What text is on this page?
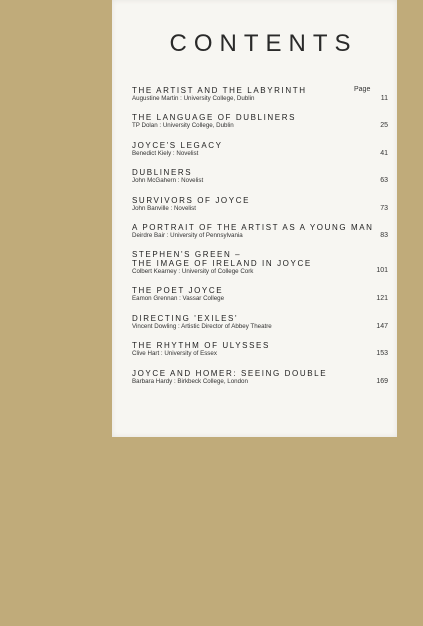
CONTENTS
Page
THE ARTIST AND THE LABYRINTH
Augustine Martin : University College, Dublin	11
THE LANGUAGE OF DUBLINERS
TP Dolan : University College, Dublin	25
JOYCE'S LEGACY
Benedict Kiely : Novelist	41
DUBLINERS
John McGahern : Novelist	63
SURVIVORS OF JOYCE
John Banville : Novelist	73
A PORTRAIT OF THE ARTIST AS A YOUNG MAN
Deirdre Bair : University of Pennsylvania	83
STEPHEN'S GREEN –
THE IMAGE OF IRELAND IN JOYCE
Colbert Kearney : University of College Cork	101
THE POET JOYCE
Eamon Grennan : Vassar College	121
DIRECTING 'EXILES'
Vincent Dowling : Artistic Director of Abbey Theatre	147
THE RHYTHM OF ULYSSES
Clive Hart : University of Essex	153
JOYCE AND HOMER: SEEING DOUBLE
Barbara Hardy : Birkbeck College, London	169
